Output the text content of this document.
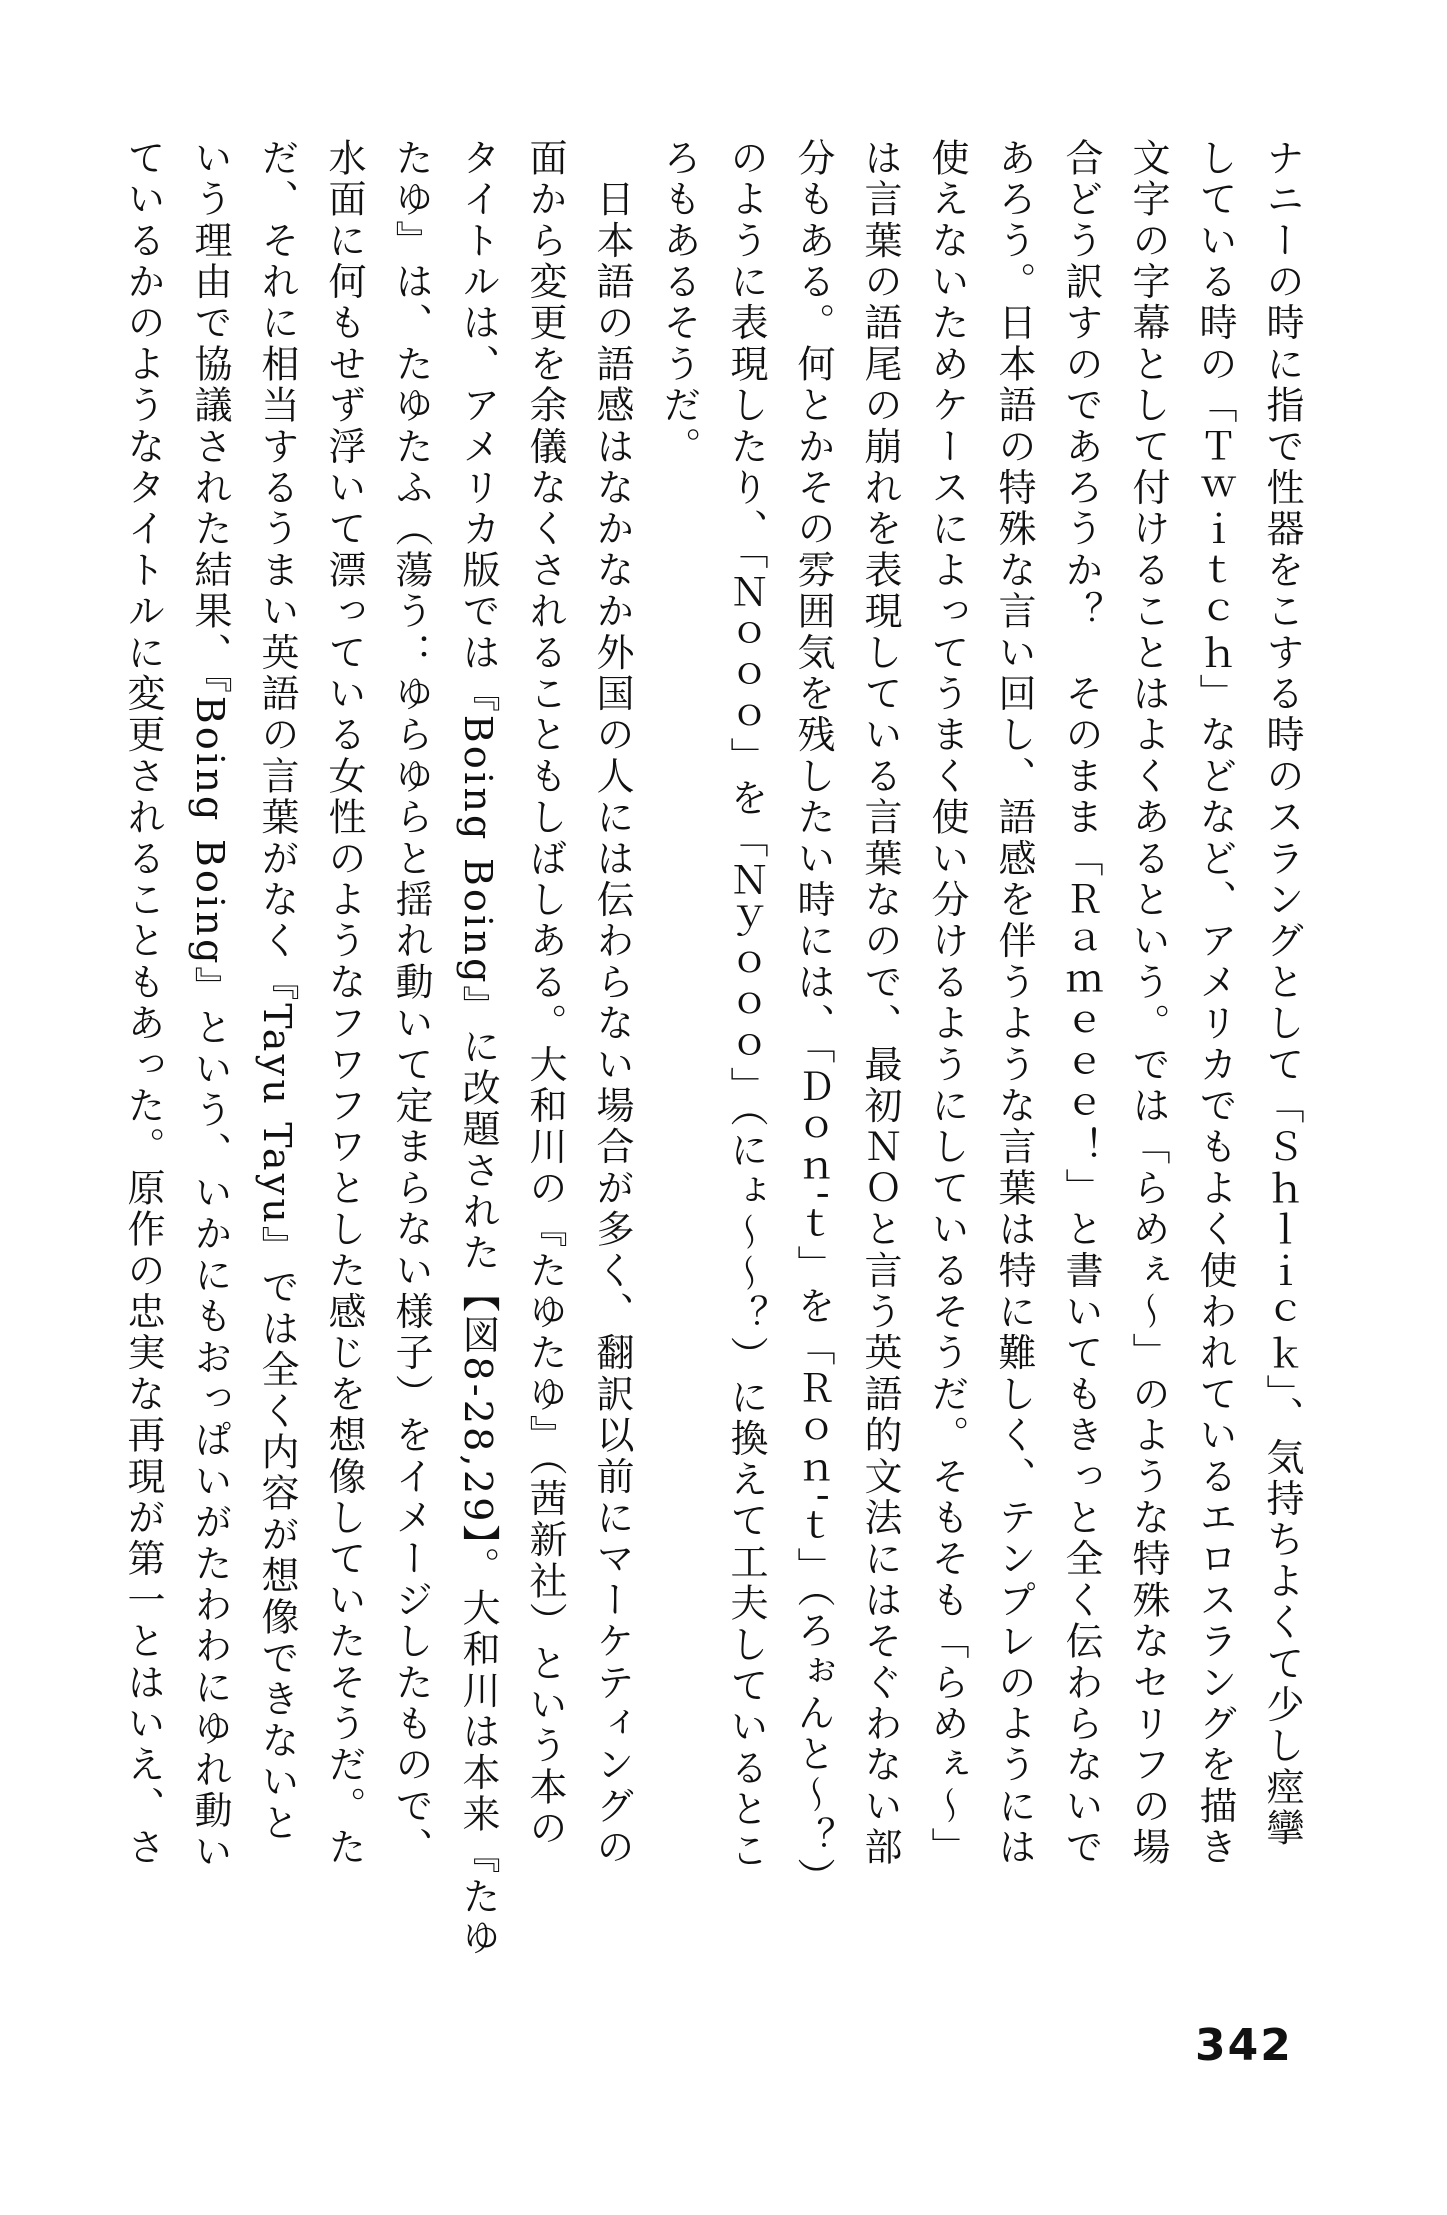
ナニーの時に指で性器をこする時のスラングとして「Ｓｈｌｉｃｋ」、気持ちよくて少し痙攣
している時の「Ｔｗｉｔｃｈ」などなど、アメリカでもよく使われているエロスラングを描き
文字の字幕として付けることはよくあるという。では「らめぇ〜」のような特殊なセリフの場
合どう訳すのであろうか？　そのまま「Ｒａｍｅｅｅ！」と書いてもきっと全く伝わらないで
あろう。日本語の特殊な言い回し、語感を伴うような言葉は特に難しく、テンプレのようには
使えないためケースによってうまく使い分けるようにしているそうだ。そもそも「らめぇ〜」
は言葉の語尾の崩れを表現している言葉なので、最初ＮＯと言う英語的文法にはそぐわない部
分もある。何とかその雰囲気を残したい時には、「Ｄｏｎ'ｔ」を「Ｒｏｎ'ｔ」（ろぉんと〜？）
のように表現したり、「Ｎｏｏｏ」を「Ｎｙｏｏｏ」（にょ〜〜？）に換えて工夫しているとこ
ろもあるそうだ。
　日本語の語感はなかなか外国の人には伝わらない場合が多く、翻訳以前にマーケティングの
面から変更を余儀なくされることもしばしある。大和川の『たゆたゆ』（茜新社）という本の
タイトルは、アメリカ版では『Boing Boing』に改題された【図8-28,29】。大和川は本来『たゆ
たゆ』は、たゆたふ（蕩う：ゆらゆらと揺れ動いて定まらない様子）をイメージしたもので、
水面に何もせず浮いて漂っている女性のようなフワフワとした感じを想像していたそうだ。た
だ、それに相当するうまい英語の言葉がなく『Tayu Tayu』では全く内容が想像できないと
いう理由で協議された結果、『Boing Boing』という、いかにもおっぱいがたわわにゆれ動い
ているかのようなタイトルに変更されることもあった。原作の忠実な再現が第一とはいえ、さ
342
